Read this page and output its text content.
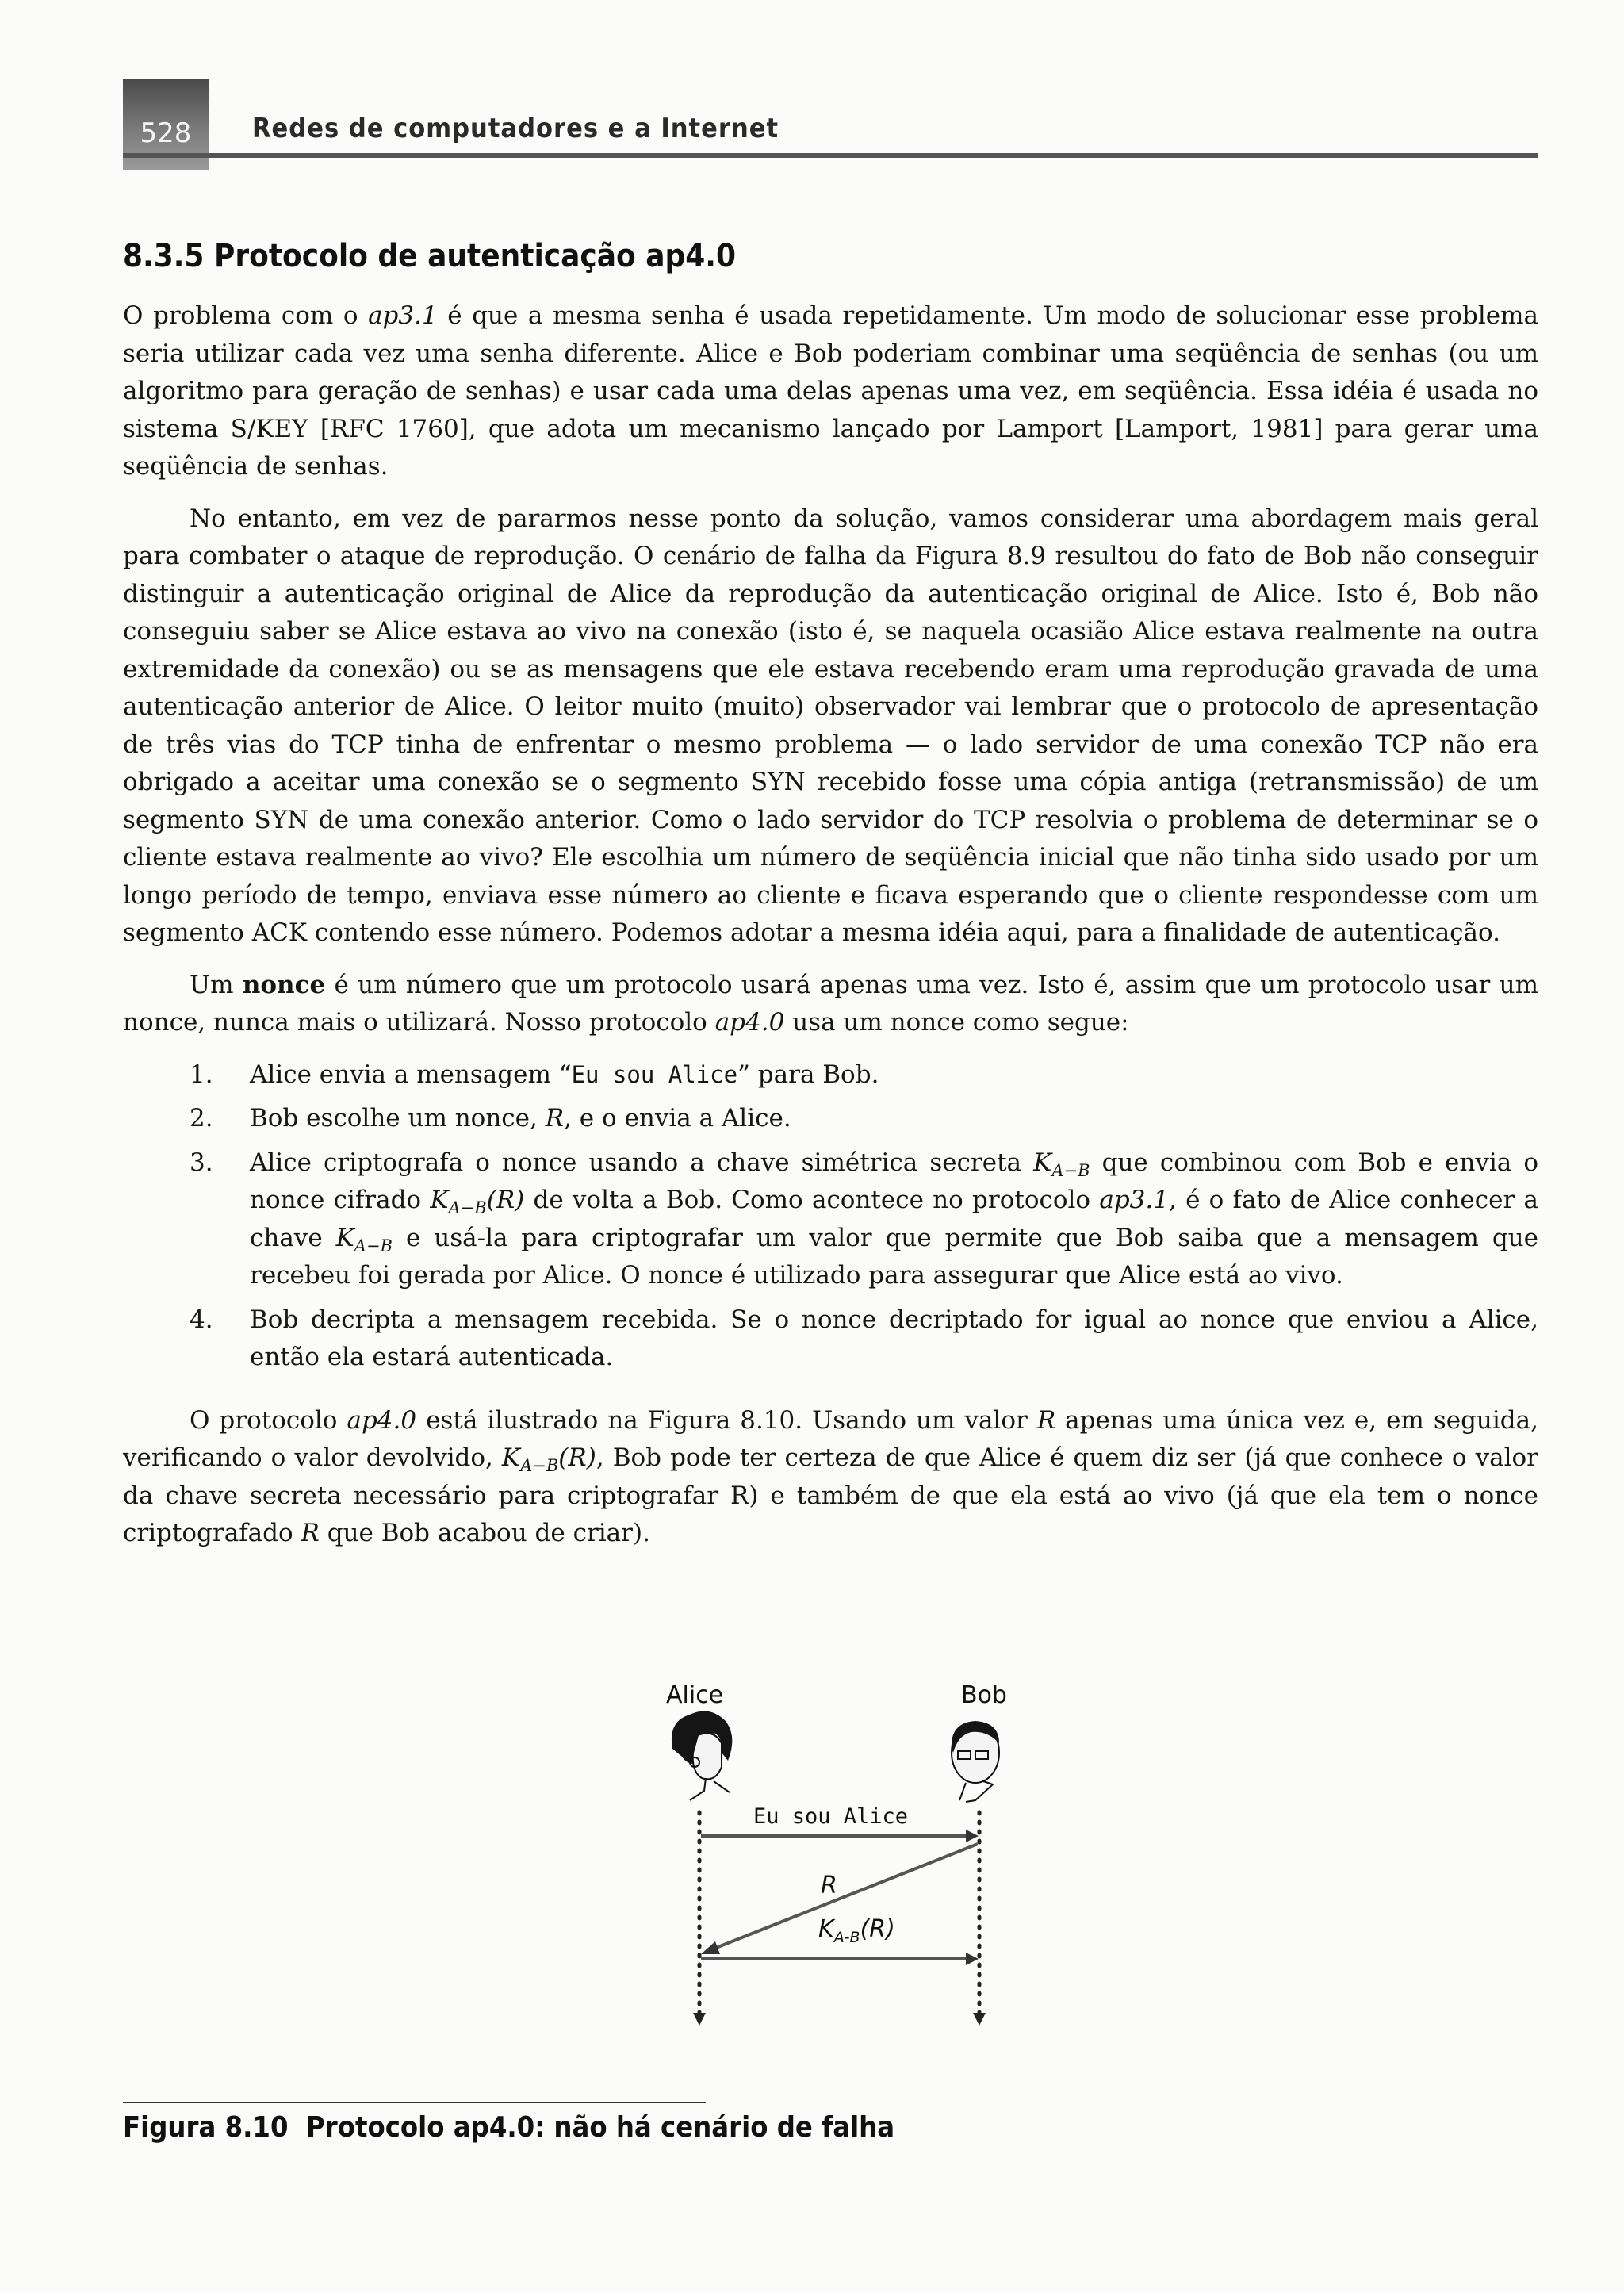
528	Redes de computadores e a Internet
8.3.5 Protocolo de autenticação ap4.0

O problema com o ap3.1 é que a mesma senha é usada repetidamente. Um modo de solucionar esse problema seria utilizar cada vez uma senha diferente. Alice e Bob poderiam combinar uma seqüência de senhas (ou um algoritmo para geração de senhas) e usar cada uma delas apenas uma vez, em seqüência. Essa idéia é usada no sistema S/KEY [RFC 1760], que adota um mecanismo lançado por Lamport [Lamport, 1981] para gerar uma seqüência de senhas.

No entanto, em vez de pararmos nesse ponto da solução, vamos considerar uma abordagem mais geral para combater o ataque de reprodução. O cenário de falha da Figura 8.9 resultou do fato de Bob não conseguir distinguir a autenticação original de Alice da reprodução da autenticação original de Alice. Isto é, Bob não conseguiu saber se Alice estava ao vivo na conexão (isto é, se naquela ocasião Alice estava realmente na outra extremidade da conexão) ou se as mensagens que ele estava recebendo eram uma reprodução gravada de uma autenticação anterior de Alice. O leitor muito (muito) observador vai lembrar que o protocolo de apresentação de três vias do TCP tinha de enfrentar o mesmo problema — o lado servidor de uma conexão TCP não era obrigado a aceitar uma conexão se o segmento SYN recebido fosse uma cópia antiga (retransmissão) de um segmento SYN de uma conexão anterior. Como o lado servidor do TCP resolvia o problema de determinar se o cliente estava realmente ao vivo? Ele escolhia um número de seqüência inicial que não tinha sido usado por um longo período de tempo, enviava esse número ao cliente e ficava esperando que o cliente respondesse com um segmento ACK contendo esse número. Podemos adotar a mesma idéia aqui, para a finalidade de autenticação.

Um nonce é um número que um protocolo usará apenas uma vez. Isto é, assim que um protocolo usar um nonce, nunca mais o utilizará. Nosso protocolo ap4.0 usa um nonce como segue:

1. Alice envia a mensagem “Eu sou Alice” para Bob.
2. Bob escolhe um nonce, R, e o envia a Alice.
3. Alice criptografa o nonce usando a chave simétrica secreta $K_{A-B}$ que combinou com Bob e envia o nonce cifrado $K_{A-B}(R)$ de volta a Bob. Como acontece no protocolo ap3.1, é o fato de Alice conhecer a chave $K_{A-B}$ e usá-la para criptografar um valor que permite que Bob saiba que a mensagem que recebeu foi gerada por Alice. O nonce é utilizado para assegurar que Alice está ao vivo.
4. Bob decripta a mensagem recebida. Se o nonce decriptado for igual ao nonce que enviou a Alice, então ela estará autenticada.

O protocolo ap4.0 está ilustrado na Figura 8.10. Usando um valor R apenas uma única vez e, em seguida, verificando o valor devolvido, $K_{A-B}(R)$, Bob pode ter certeza de que Alice é quem diz ser (já que conhece o valor da chave secreta necessário para criptografar R) e também de que ela está ao vivo (já que ela tem o nonce criptografado R que Bob acabou de criar).

Alice	Bob
Eu sou Alice
R
$K_{A-B}(R)$

Figura 8.10 Protocolo ap4.0: não há cenário de falha
